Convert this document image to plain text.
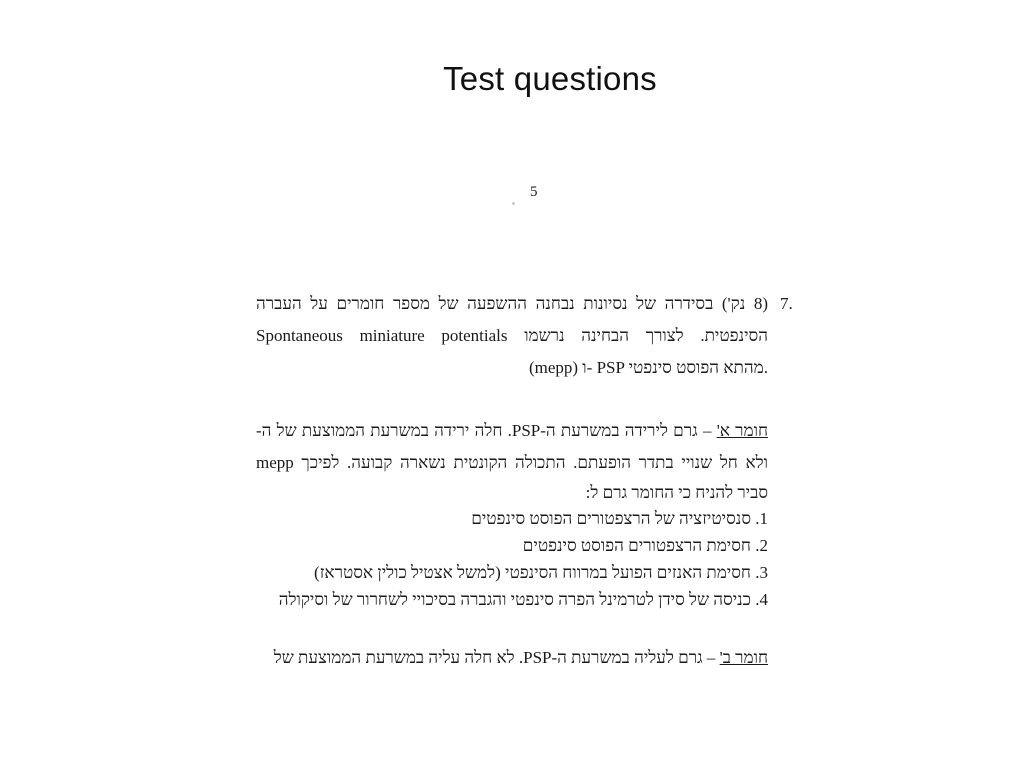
Test questions
5
7.
(8 נק') בסידרה של נסיונות נבחנה ההשפעה של מספר חומרים על העברה
הסינפטית. לצורך הבחינה נרשמו Spontaneous miniature potentials
(mepp) ו- PSP מהתא הפוסט סינפטי.
חומר א' – גרם לירידה במשרעת ה-PSP. חלה ירידה במשרעת הממוצעת של ה-
mepp ולא חל שנויי בתדר הופעתם. התכולה הקונטית נשארה קבועה. לפיכך
סביר להניח כי החומר גרם ל:
1. סנסיטיזציה של הרצפטורים הפוסט סינפטים
2. חסימת הרצפטורים הפוסט סינפטים
3. חסימת האנזים הפועל במרווח הסינפטי (למשל אצטיל כולין אסטראז)
4. כניסה של סידן לטרמינל הפרה סינפטי והגברה בסיכויי לשחרור של וסיקולה
חומר ב' – גרם לעליה במשרעת ה-PSP. לא חלה עליה במשרעת הממוצעת של
